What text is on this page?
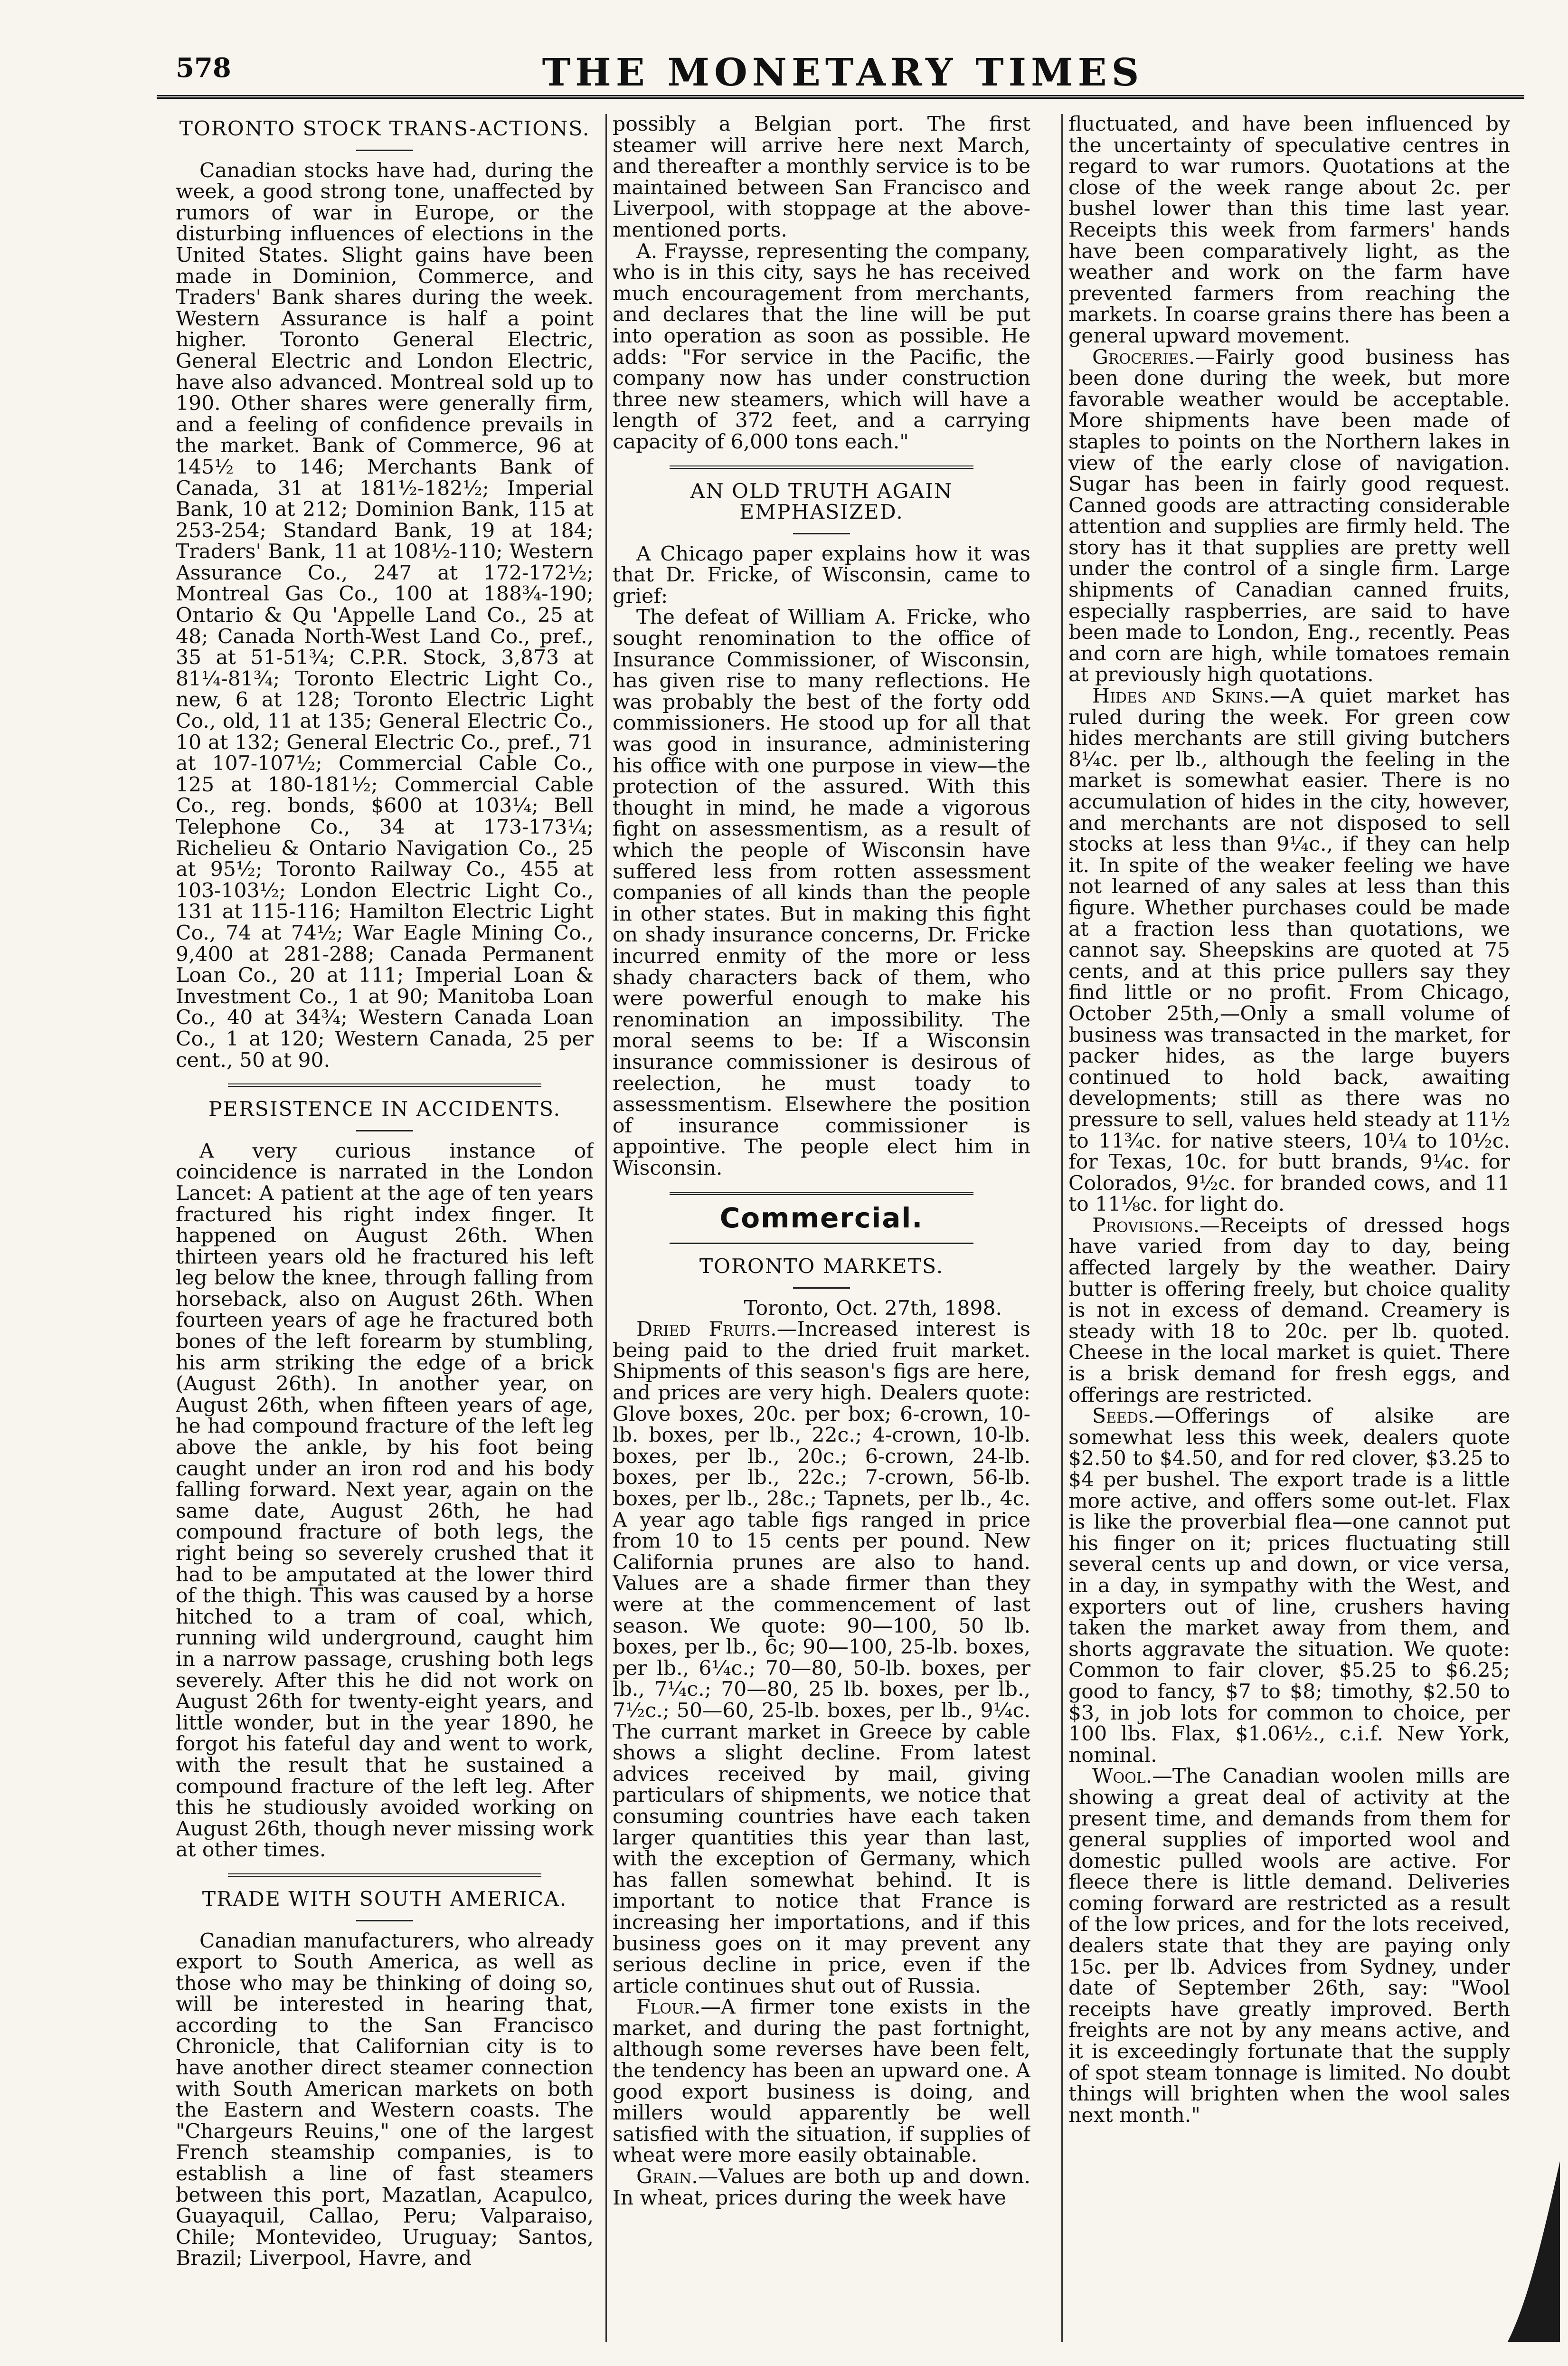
578	THE MONETARY TIMES
TORONTO STOCK TRANS-ACTIONS.

Canadian stocks have had, during the week, a good strong tone, unaffected by rumors of war in Europe, or the disturbing influences of elections in the United States. Slight gains have been made in Dominion, Commerce, and Traders' Bank shares during the week. Western Assurance is half a point higher. Toronto General Electric, General Electric and London Electric, have also advanced. Montreal sold up to 190. Other shares were generally firm, and a feeling of confidence prevails in the market. Bank of Commerce, 96 at 145½ to 146; Merchants Bank of Canada, 31 at 181½-182½; Imperial Bank, 10 at 212; Dominion Bank, 115 at 253-254; Standard Bank, 19 at 184; Traders' Bank, 11 at 108½-110; Western Assurance Co., 247 at 172-172½; Montreal Gas Co., 100 at 188¾-190; Ontario & Qu 'Appelle Land Co., 25 at 48; Canada North-West Land Co., pref., 35 at 51-51¾; C.P.R. Stock, 3,873 at 81¼-81¾; Toronto Electric Light Co., new, 6 at 128; Toronto Electric Light Co., old, 11 at 135; General Electric Co., 10 at 132; General Electric Co., pref., 71 at 107-107½; Commercial Cable Co., 125 at 180-181½; Commercial Cable Co., reg. bonds, $600 at 103¼; Bell Telephone Co., 34 at 173-173¼; Richelieu & Ontario Navigation Co., 25 at 95½; Toronto Railway Co., 455 at 103-103½; London Electric Light Co., 131 at 115-116; Hamilton Electric Light Co., 74 at 74½; War Eagle Mining Co., 9,400 at 281-288; Canada Permanent Loan Co., 20 at 111; Imperial Loan & Investment Co., 1 at 90; Manitoba Loan Co., 40 at 34¾; Western Canada Loan Co., 1 at 120; Western Canada, 25 per cent., 50 at 90.

PERSISTENCE IN ACCIDENTS.

A very curious instance of coincidence is narrated in the London Lancet: A patient at the age of ten years fractured his right index finger. It happened on August 26th. When thirteen years old he fractured his left leg below the knee, through falling from horseback, also on August 26th. When fourteen years of age he fractured both bones of the left forearm by stumbling, his arm striking the edge of a brick (August 26th). In another year, on August 26th, when fifteen years of age, he had compound fracture of the left leg above the ankle, by his foot being caught under an iron rod and his body falling forward. Next year, again on the same date, August 26th, he had compound fracture of both legs, the right being so severely crushed that it had to be amputated at the lower third of the thigh. This was caused by a horse hitched to a tram of coal, which, running wild underground, caught him in a narrow passage, crushing both legs severely. After this he did not work on August 26th for twenty-eight years, and little wonder, but in the year 1890, he forgot his fateful day and went to work, with the result that he sustained a compound fracture of the left leg. After this he studiously avoided working on August 26th, though never missing work at other times.

TRADE WITH SOUTH AMERICA.

Canadian manufacturers, who already export to South America, as well as those who may be thinking of doing so, will be interested in hearing that, according to the San Francisco Chronicle, that Californian city is to have another direct steamer connection with South American markets on both the Eastern and Western coasts. The "Chargeurs Reuins," one of the largest French steamship companies, is to establish a line of fast steamers between this port, Mazatlan, Acapulco, Guayaquil, Callao, Peru; Valparaiso, Chile; Montevideo, Uruguay; Santos, Brazil; Liverpool, Havre, and

possibly a Belgian port. The first steamer will arrive here next March, and thereafter a monthly service is to be maintained between San Francisco and Liverpool, with stoppage at the above-mentioned ports.

A. Fraysse, representing the company, who is in this city, says he has received much encouragement from merchants, and declares that the line will be put into operation as soon as possible. He adds: "For service in the Pacific, the company now has under construction three new steamers, which will have a length of 372 feet, and a carrying capacity of 6,000 tons each."

AN OLD TRUTH AGAIN EMPHASIZED.

A Chicago paper explains how it was that Dr. Fricke, of Wisconsin, came to grief:

The defeat of William A. Fricke, who sought renomination to the office of Insurance Commissioner, of Wisconsin, has given rise to many reflections. He was probably the best of the forty odd commissioners. He stood up for all that was good in insurance, administering his office with one purpose in view—the protection of the assured. With this thought in mind, he made a vigorous fight on assessmentism, as a result of which the people of Wisconsin have suffered less from rotten assessment companies of all kinds than the people in other states. But in making this fight on shady insurance concerns, Dr. Fricke incurred enmity of the more or less shady characters back of them, who were powerful enough to make his renomination an impossibility. The moral seems to be: If a Wisconsin insurance commissioner is desirous of reelection, he must toady to assessmentism. Elsewhere the position of insurance commissioner is appointive. The people elect him in Wisconsin.

Commercial.
TORONTO MARKETS.
Toronto, Oct. 27th, 1898.

Dried Fruits.—Increased interest is being paid to the dried fruit market. Shipments of this season's figs are here, and prices are very high. Dealers quote: Glove boxes, 20c. per box; 6-crown, 10-lb. boxes, per lb., 22c.; 4-crown, 10-lb. boxes, per lb., 20c.; 6-crown, 24-lb. boxes, per lb., 22c.; 7-crown, 56-lb. boxes, per lb., 28c.; Tapnets, per lb., 4c. A year ago table figs ranged in price from 10 to 15 cents per pound. New California prunes are also to hand. Values are a shade firmer than they were at the commencement of last season. We quote: 90—100, 50 lb. boxes, per lb., 6c; 90—100, 25-lb. boxes, per lb., 6¼c.; 70—80, 50-lb. boxes, per lb., 7¼c.; 70—80, 25 lb. boxes, per lb., 7½c.; 50—60, 25-lb. boxes, per lb., 9¼c. The currant market in Greece by cable shows a slight decline. From latest advices received by mail, giving particulars of shipments, we notice that consuming countries have each taken larger quantities this year than last, with the exception of Germany, which has fallen somewhat behind. It is important to notice that France is increasing her importations, and if this business goes on it may prevent any serious decline in price, even if the article continues shut out of Russia.

Flour.—A firmer tone exists in the market, and during the past fortnight, although some reverses have been felt, the tendency has been an upward one. A good export business is doing, and millers would apparently be well satisfied with the situation, if supplies of wheat were more easily obtainable.

Grain.—Values are both up and down. In wheat, prices during the week have

fluctuated, and have been influenced by the uncertainty of speculative centres in regard to war rumors. Quotations at the close of the week range about 2c. per bushel lower than this time last year. Receipts this week from farmers' hands have been comparatively light, as the weather and work on the farm have prevented farmers from reaching the markets. In coarse grains there has been a general upward movement.

Groceries.—Fairly good business has been done during the week, but more favorable weather would be acceptable. More shipments have been made of staples to points on the Northern lakes in view of the early close of navigation. Sugar has been in fairly good request. Canned goods are attracting considerable attention and supplies are firmly held. The story has it that supplies are pretty well under the control of a single firm. Large shipments of Canadian canned fruits, especially raspberries, are said to have been made to London, Eng., recently. Peas and corn are high, while tomatoes remain at previously high quotations.

Hides and Skins.—A quiet market has ruled during the week. For green cow hides merchants are still giving butchers 8¼c. per lb., although the feeling in the market is somewhat easier. There is no accumulation of hides in the city, however, and merchants are not disposed to sell stocks at less than 9¼c., if they can help it. In spite of the weaker feeling we have not learned of any sales at less than this figure. Whether purchases could be made at a fraction less than quotations, we cannot say. Sheepskins are quoted at 75 cents, and at this price pullers say they find little or no profit. From Chicago, October 25th,—Only a small volume of business was transacted in the market, for packer hides, as the large buyers continued to hold back, awaiting developments; still as there was no pressure to sell, values held steady at 11½ to 11¾c. for native steers, 10¼ to 10½c. for Texas, 10c. for butt brands, 9¼c. for Colorados, 9½c. for branded cows, and 11 to 11⅛c. for light do.

Provisions.—Receipts of dressed hogs have varied from day to day, being affected largely by the weather. Dairy butter is offering freely, but choice quality is not in excess of demand. Creamery is steady with 18 to 20c. per lb. quoted. Cheese in the local market is quiet. There is a brisk demand for fresh eggs, and offerings are restricted.

Seeds.—Offerings of alsike are somewhat less this week, dealers quote $2.50 to $4.50, and for red clover, $3.25 to $4 per bushel. The export trade is a little more active, and offers some out-let. Flax is like the proverbial flea—one cannot put his finger on it; prices fluctuating still several cents up and down, or vice versa, in a day, in sympathy with the West, and exporters out of line, crushers having taken the market away from them, and shorts aggravate the situation. We quote: Common to fair clover, $5.25 to $6.25; good to fancy, $7 to $8; timothy, $2.50 to $3, in job lots for common to choice, per 100 lbs. Flax, $1.06½., c.i.f. New York, nominal.

Wool.—The Canadian woolen mills are showing a great deal of activity at the present time, and demands from them for general supplies of imported wool and domestic pulled wools are active. For fleece there is little demand. Deliveries coming forward are restricted as a result of the low prices, and for the lots received, dealers state that they are paying only 15c. per lb. Advices from Sydney, under date of September 26th, say: "Wool receipts have greatly improved. Berth freights are not by any means active, and it is exceedingly fortunate that the supply of spot steam tonnage is limited. No doubt things will brighten when the wool sales next month."
